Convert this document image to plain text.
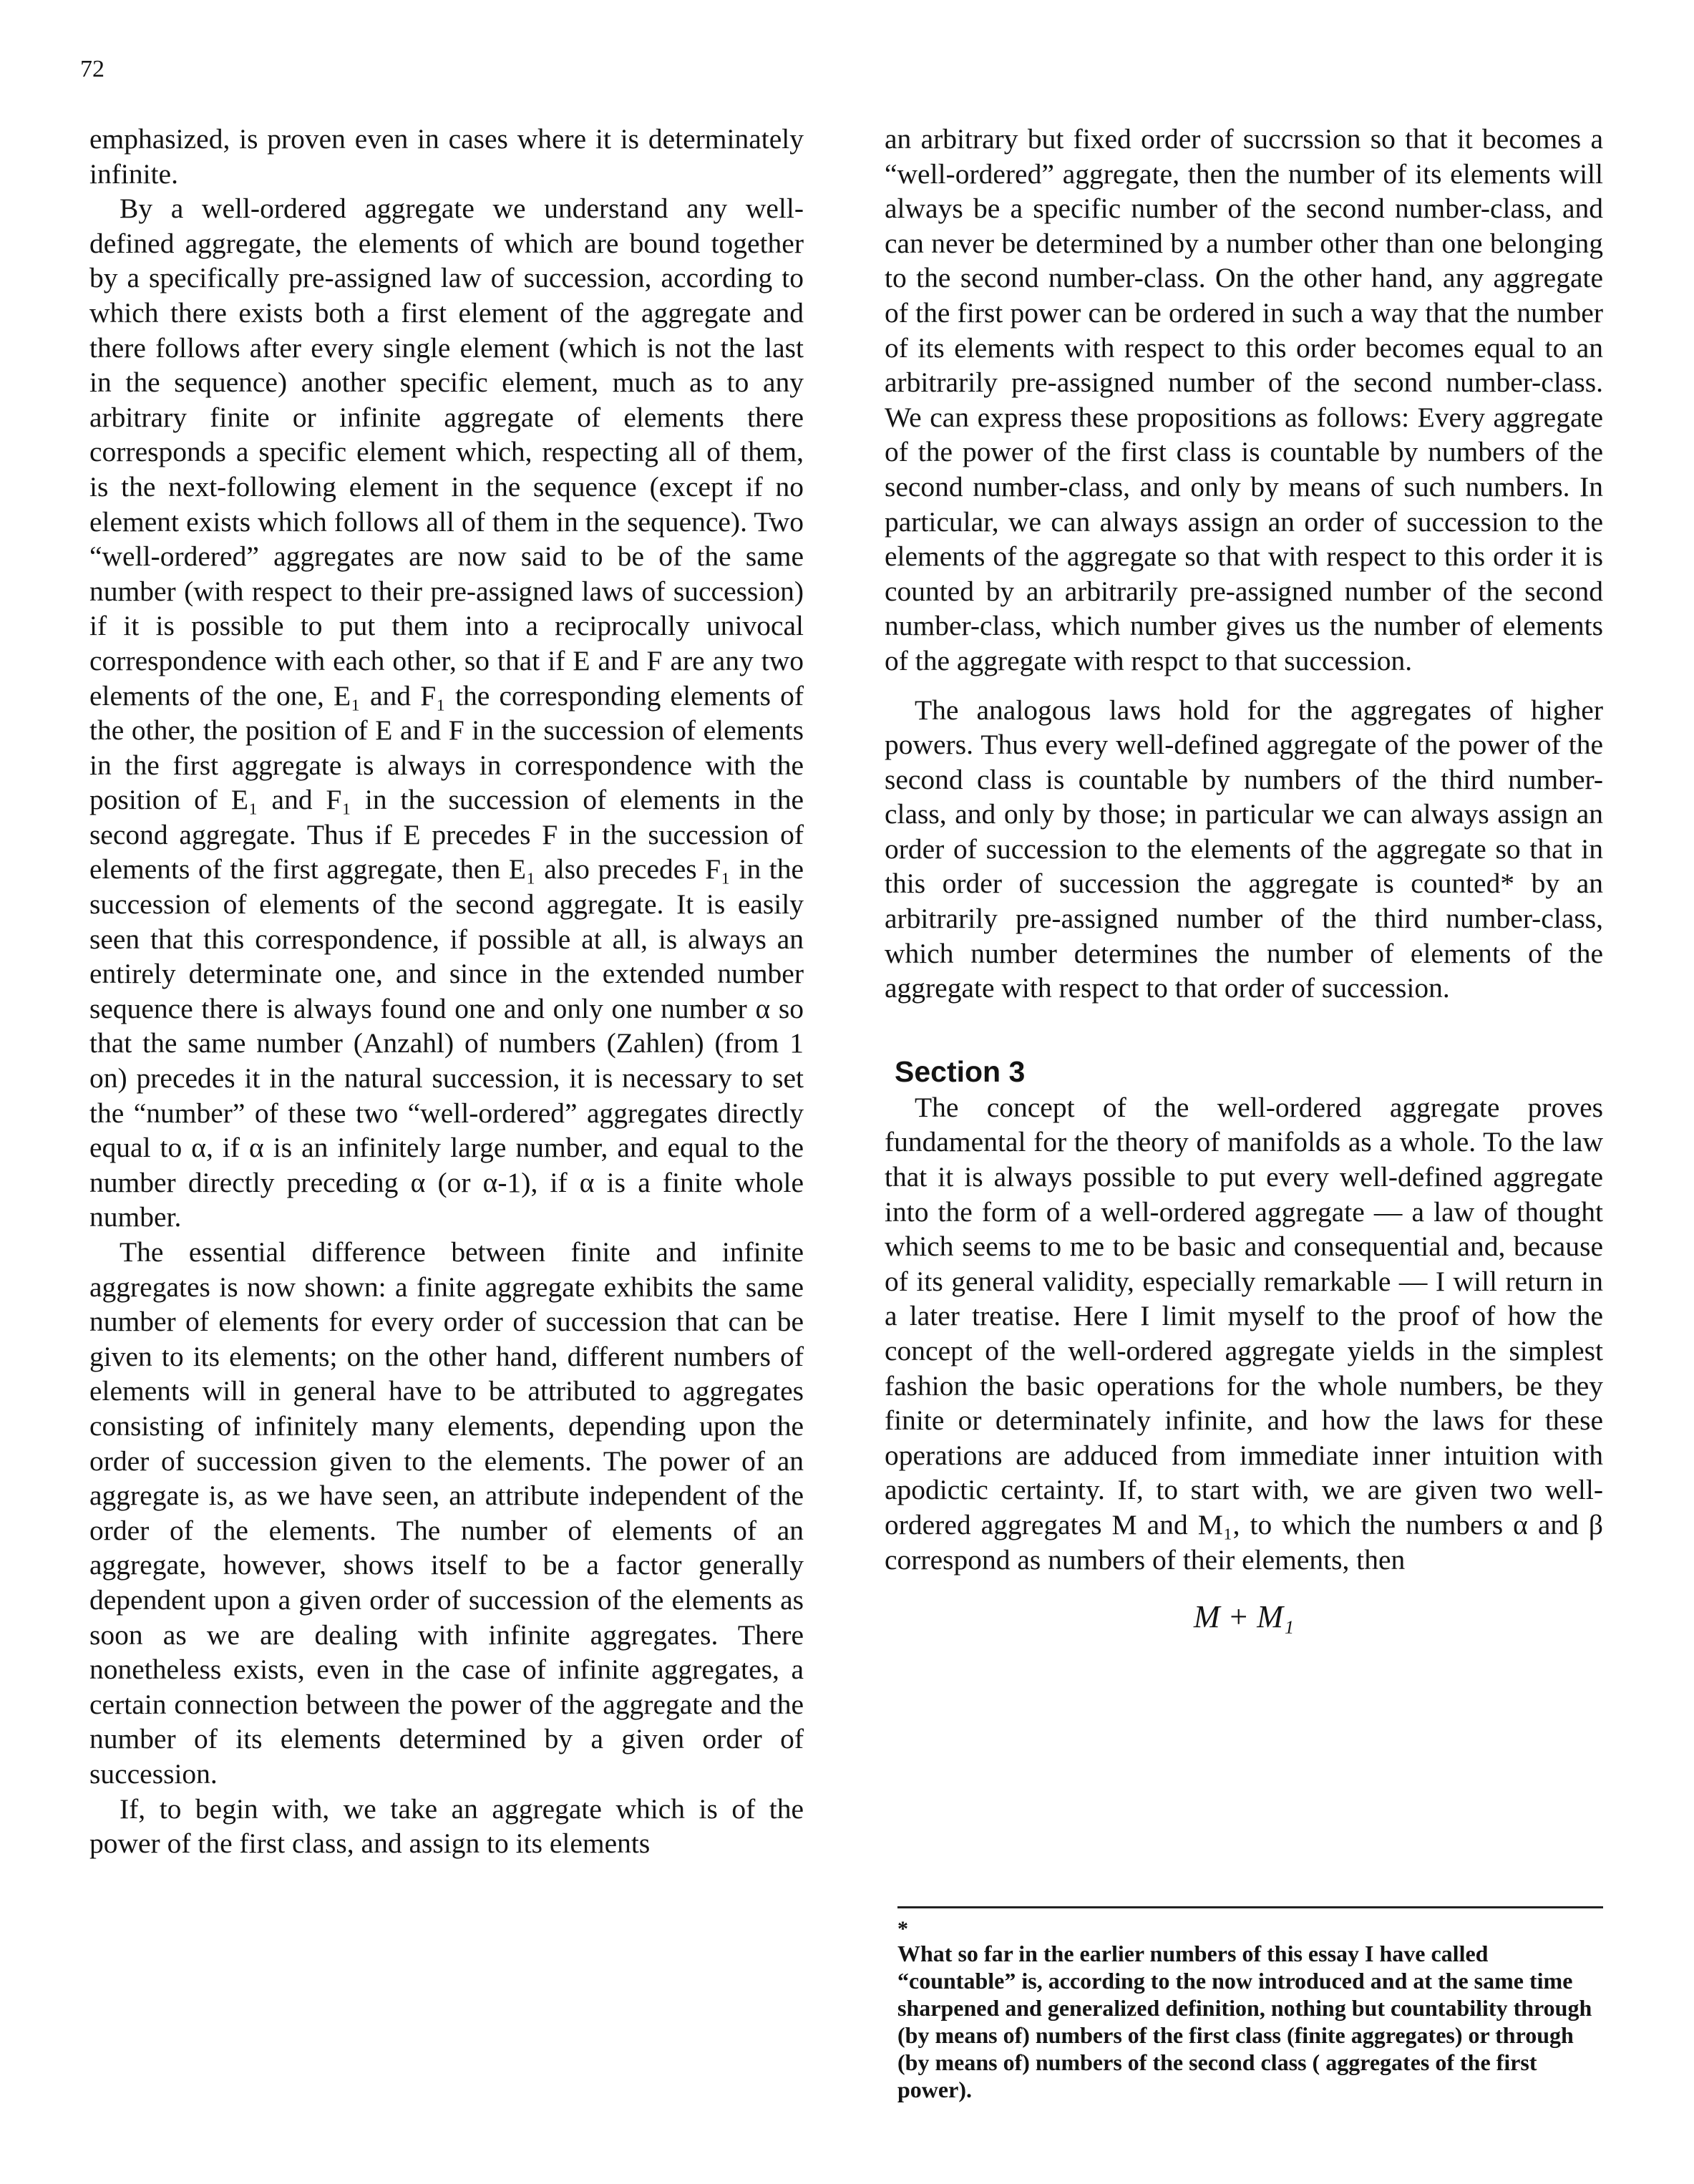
72

emphasized, is proven even in cases where it is determinately infinite.

By a well-ordered aggregate we understand any well-defined aggregate, the elements of which are bound together by a specifically pre-assigned law of succession, according to which there exists both a first element of the aggregate and there follows after every single element (which is not the last in the sequence) another specific element, much as to any arbitrary finite or infinite aggregate of elements there corresponds a specific element which, respecting all of them, is the next-following element in the sequence (except if no element exists which follows all of them in the sequence). Two “well-ordered” aggregates are now said to be of the same number (with respect to their pre-assigned laws of succession) if it is possible to put them into a reciprocally univocal correspondence with each other, so that if E and F are any two elements of the one, E₁ and F₁ the corresponding elements of the other, the position of E and F in the succession of elements in the first aggregate is always in correspondence with the position of E₁ and F₁ in the succession of elements in the second aggregate. Thus if E precedes F in the succession of elements of the first aggregate, then E₁ also precedes F₁ in the succession of elements of the second aggregate. It is easily seen that this correspondence, if possible at all, is always an entirely determinate one, and since in the extended number sequence there is always found one and only one number α so that the same number (Anzahl) of numbers (Zahlen) (from 1 on) precedes it in the natural succession, it is necessary to set the “number” of these two “well-ordered” aggregates directly equal to α, if α is an infinitely large number, and equal to the number directly preceding α (or α-1), if α is a finite whole number.

The essential difference between finite and infinite aggregates is now shown: a finite aggregate exhibits the same number of elements for every order of succession that can be given to its elements; on the other hand, different numbers of elements will in general have to be attributed to aggregates consisting of infinitely many elements, depending upon the order of succession given to the elements. The power of an aggregate is, as we have seen, an attribute independent of the order of the elements. The number of elements of an aggregate, however, shows itself to be a factor generally dependent upon a given order of succession of the elements as soon as we are dealing with infinite aggregates. There nonetheless exists, even in the case of infinite aggregates, a certain connection between the power of the aggregate and the number of its elements determined by a given order of succession.

If, to begin with, we take an aggregate which is of the power of the first class, and assign to its elements

an arbitrary but fixed order of succrssion so that it becomes a “well-ordered” aggregate, then the number of its elements will always be a specific number of the second number-class, and can never be determined by a number other than one belonging to the second number-class. On the other hand, any aggregate of the first power can be ordered in such a way that the number of its elements with respect to this order becomes equal to an arbitrarily pre-assigned number of the second number-class. We can express these propositions as follows: Every aggregate of the power of the first class is countable by numbers of the second number-class, and only by means of such numbers. In particular, we can always assign an order of succession to the elements of the aggregate so that with respect to this order it is counted by an arbitrarily pre-assigned number of the second number-class, which number gives us the number of elements of the aggregate with respct to that succession.

The analogous laws hold for the aggregates of higher powers. Thus every well-defined aggregate of the power of the second class is countable by numbers of the third number-class, and only by those; in particular we can always assign an order of succession to the elements of the aggregate so that in this order of succession the aggregate is counted* by an arbitrarily pre-assigned number of the third number-class, which number determines the number of elements of the aggregate with respect to that order of succession.

Section 3

The concept of the well-ordered aggregate proves fundamental for the theory of manifolds as a whole. To the law that it is always possible to put every well-defined aggregate into the form of a well-ordered aggregate — a law of thought which seems to me to be basic and consequential and, because of its general validity, especially remarkable — I will return in a later treatise. Here I limit myself to the proof of how the concept of the well-ordered aggregate yields in the simplest fashion the basic operations for the whole numbers, be they finite or determinately infinite, and how the laws for these operations are adduced from immediate inner intuition with apodictic certainty. If, to start with, we are given two well-ordered aggregates M and M₁, to which the numbers α and β correspond as numbers of their elements, then

M + M₁
*
What so far in the earlier numbers of this essay I have called “countable” is, according to the now introduced and at the same time sharpened and generalized definition, nothing but countability through (by means of) numbers of the first class (finite aggregates) or through (by means of) numbers of the second class ( aggregates of the first power).
